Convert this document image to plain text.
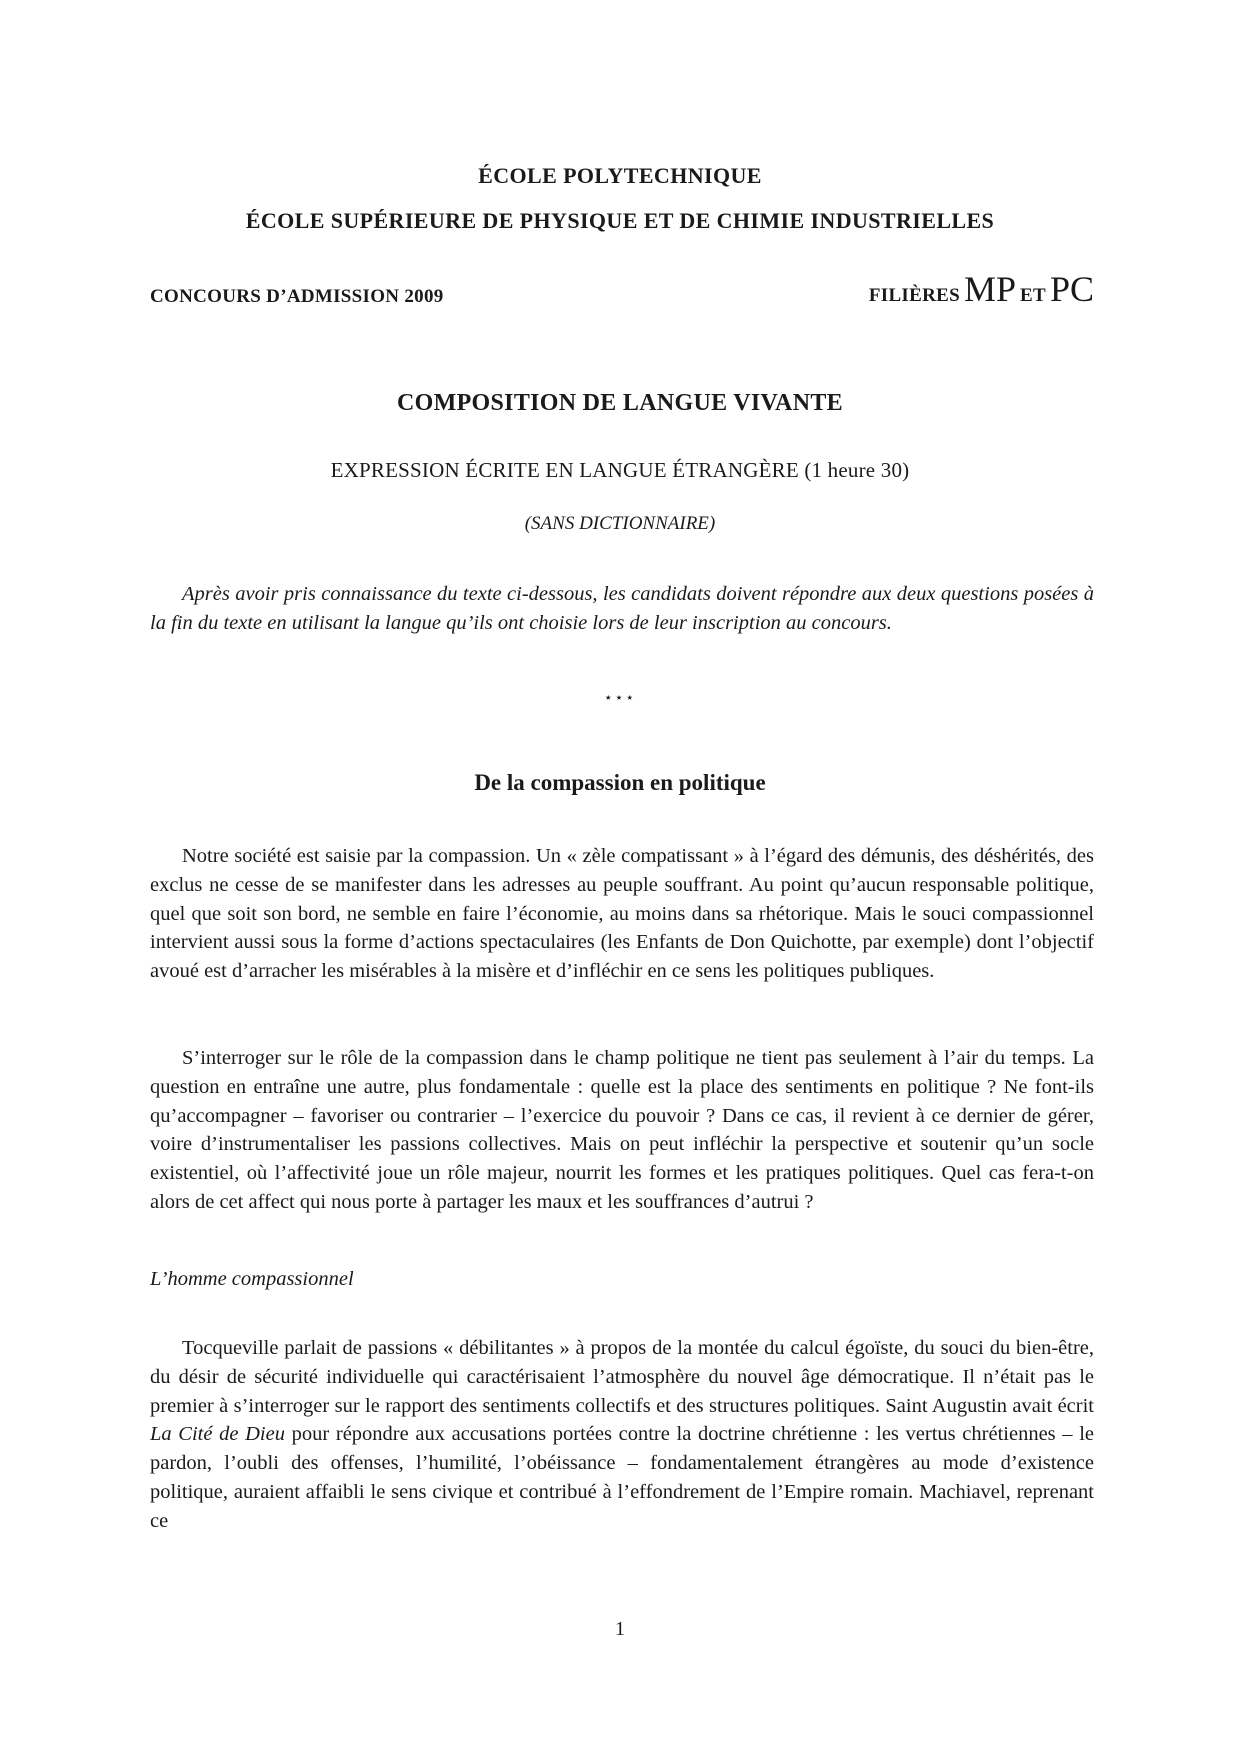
ÉCOLE POLYTECHNIQUE
ÉCOLE SUPÉRIEURE DE PHYSIQUE ET DE CHIMIE INDUSTRIELLES
CONCOURS D’ADMISSION 2009	FILIÈRES MP ET PC
COMPOSITION DE LANGUE VIVANTE
EXPRESSION ÉCRITE EN LANGUE ÉTRANGÈRE (1 heure 30)
(SANS DICTIONNAIRE)
Après avoir pris connaissance du texte ci-dessous, les candidats doivent répondre aux deux questions posées à la fin du texte en utilisant la langue qu’ils ont choisie lors de leur inscription au concours.
⋆⋆⋆
De la compassion en politique
Notre société est saisie par la compassion. Un « zèle compatissant » à l’égard des démunis, des déshérités, des exclus ne cesse de se manifester dans les adresses au peuple souffrant. Au point qu’aucun responsable politique, quel que soit son bord, ne semble en faire l’économie, au moins dans sa rhétorique. Mais le souci compassionnel intervient aussi sous la forme d’actions spectaculaires (les Enfants de Don Quichotte, par exemple) dont l’objectif avoué est d’arracher les misérables à la misère et d’infléchir en ce sens les politiques publiques.
S’interroger sur le rôle de la compassion dans le champ politique ne tient pas seulement à l’air du temps. La question en entraîne une autre, plus fondamentale : quelle est la place des sentiments en politique ? Ne font-ils qu’accompagner – favoriser ou contrarier – l’exercice du pouvoir ? Dans ce cas, il revient à ce dernier de gérer, voire d’instrumentaliser les passions collectives. Mais on peut infléchir la perspective et soutenir qu’un socle existentiel, où l’affectivité joue un rôle majeur, nourrit les formes et les pratiques politiques. Quel cas fera-t-on alors de cet affect qui nous porte à partager les maux et les souffrances d’autrui ?
L’homme compassionnel
Tocqueville parlait de passions « débilitantes » à propos de la montée du calcul égoïste, du souci du bien-être, du désir de sécurité individuelle qui caractérisaient l’atmosphère du nouvel âge démocratique. Il n’était pas le premier à s’interroger sur le rapport des sentiments collectifs et des structures politiques. Saint Augustin avait écrit La Cité de Dieu pour répondre aux accusations portées contre la doctrine chrétienne : les vertus chrétiennes – le pardon, l’oubli des offenses, l’humilité, l’obéissance – fondamentalement étrangères au mode d’existence politique, auraient affaibli le sens civique et contribué à l’effondrement de l’Empire romain. Machiavel, reprenant ce
1
